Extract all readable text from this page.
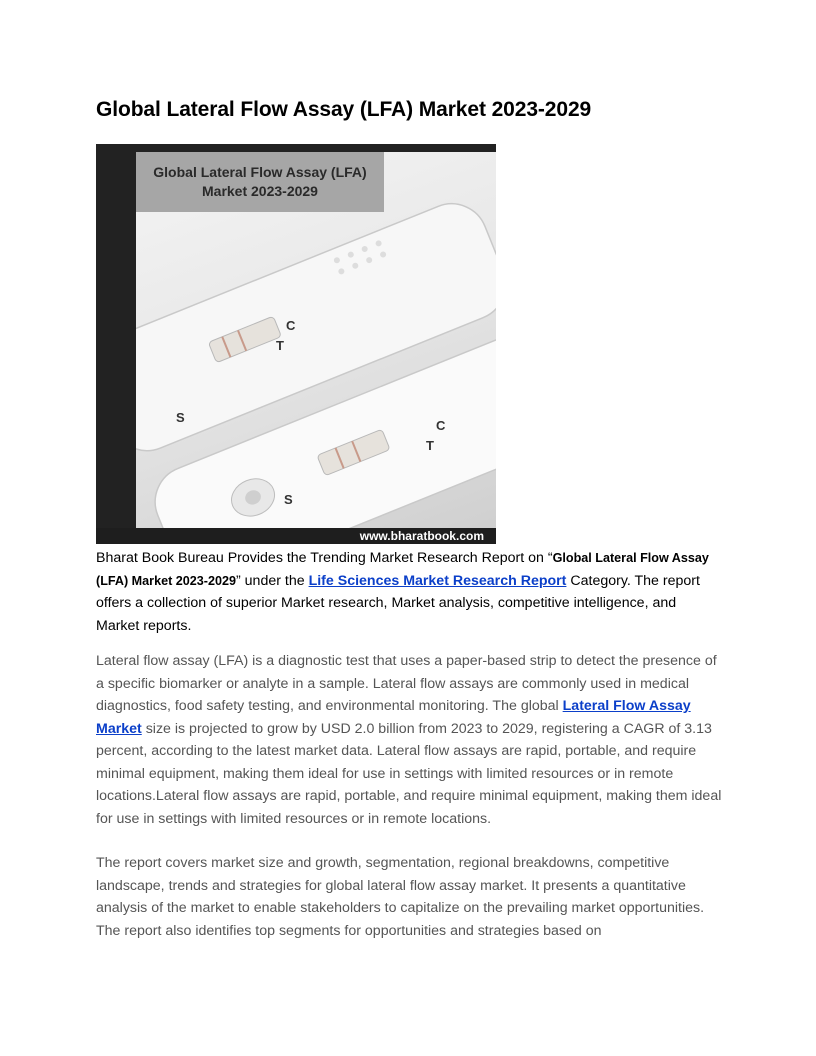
Global Lateral Flow Assay (LFA) Market 2023-2029
C
T
S
C
T
S
Global Lateral Flow Assay (LFA)
Market 2023-2029
www.bharatbook.com

Bharat Book Bureau Provides the Trending Market Research Report on “Global Lateral Flow Assay (LFA) Market 2023-2029” under the Life Sciences Market Research Report Category. The report offers a collection of superior Market research, Market analysis, competitive intelligence, and Market reports.

Lateral flow assay (LFA) is a diagnostic test that uses a paper-based strip to detect the presence of a specific biomarker or analyte in a sample. Lateral flow assays are commonly used in medical diagnostics, food safety testing, and environmental monitoring. The global Lateral Flow Assay Market size is projected to grow by USD 2.0 billion from 2023 to 2029, registering a CAGR of 3.13 percent, according to the latest market data. Lateral flow assays are rapid, portable, and require minimal equipment, making them ideal for use in settings with limited resources or in remote locations.Lateral flow assays are rapid, portable, and require minimal equipment, making them ideal for use in settings with limited resources or in remote locations.

The report covers market size and growth, segmentation, regional breakdowns, competitive landscape, trends and strategies for global lateral flow assay market. It presents a quantitative analysis of the market to enable stakeholders to capitalize on the prevailing market opportunities. The report also identifies top segments for opportunities and strategies based on
